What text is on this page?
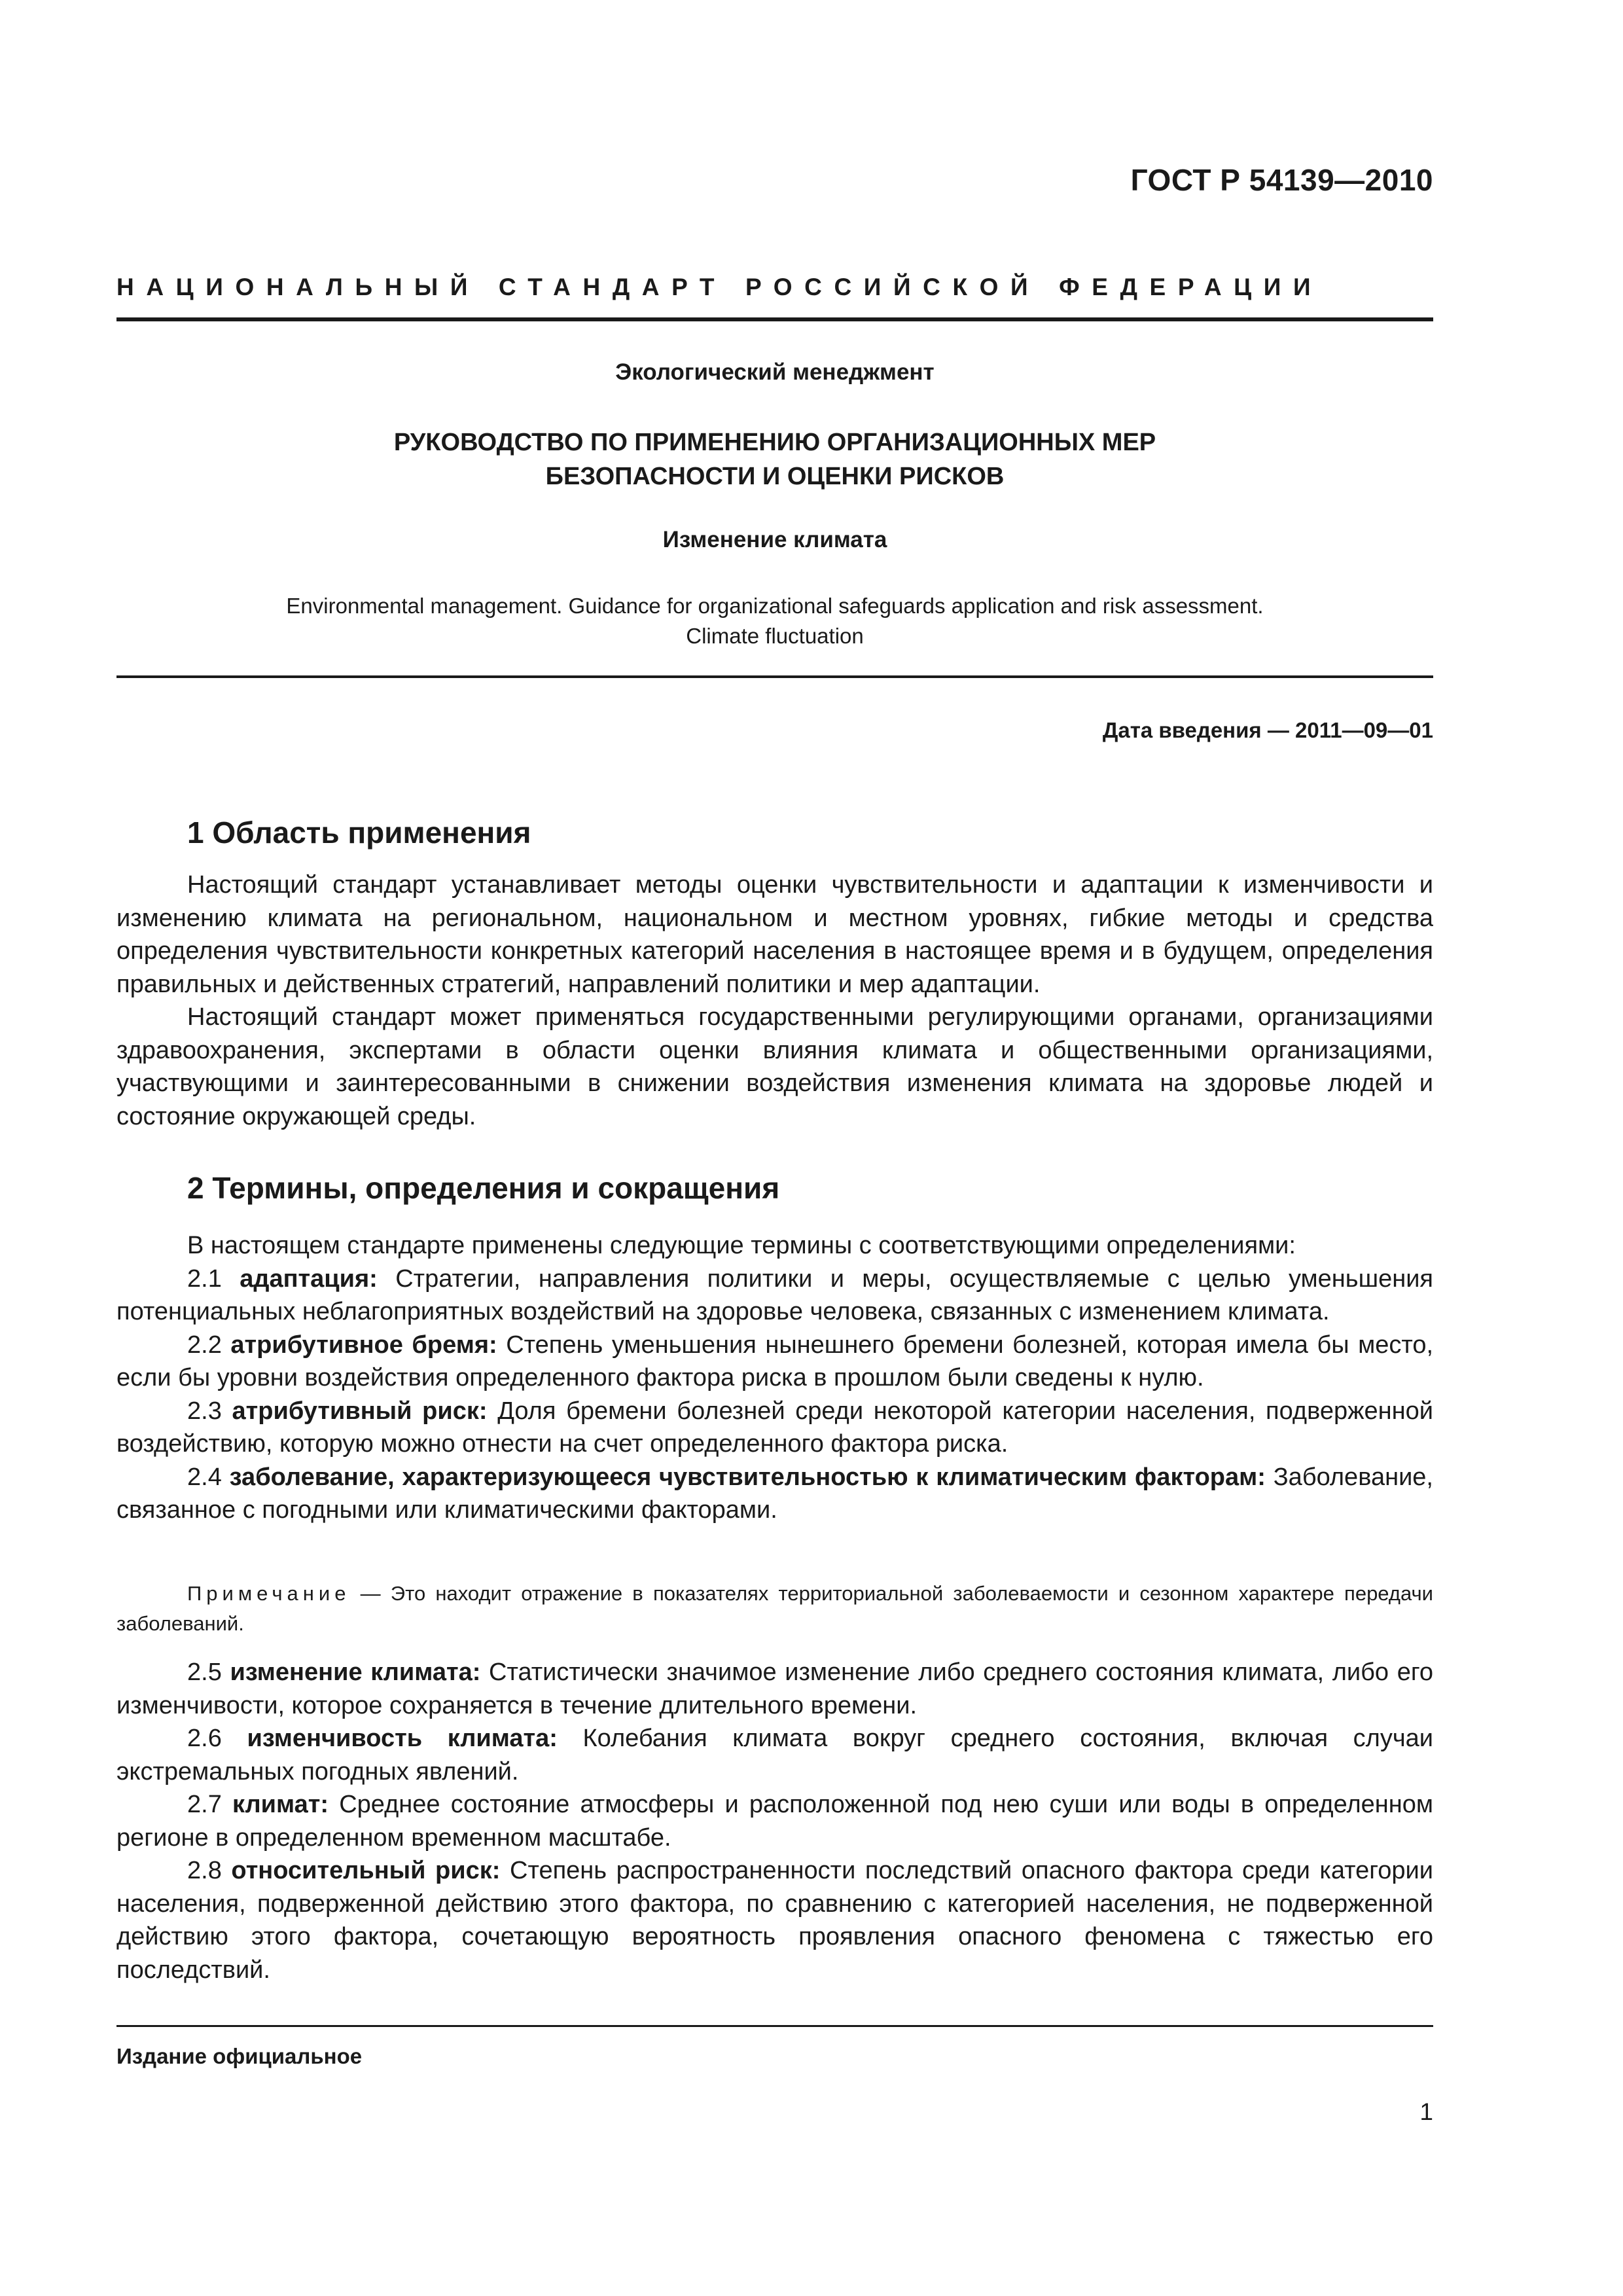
ГОСТ Р 54139—2010
НАЦИОНАЛЬНЫЙ СТАНДАРТ РОССИЙСКОЙ ФЕДЕРАЦИИ
Экологический менеджмент
РУКОВОДСТВО ПО ПРИМЕНЕНИЮ ОРГАНИЗАЦИОННЫХ МЕР
БЕЗОПАСНОСТИ И ОЦЕНКИ РИСКОВ
Изменение климата
Environmental management. Guidance for organizational safeguards application and risk assessment.
Climate fluctuation
Дата введения — 2011—09—01
1 Область применения

Настоящий стандарт устанавливает методы оценки чувствительности и адаптации к изменчивости и изменению климата на региональном, национальном и местном уровнях, гибкие методы и средства определения чувствительности конкретных категорий населения в настоящее время и в будущем, определения правильных и действенных стратегий, направлений политики и мер адаптации.

Настоящий стандарт может применяться государственными регулирующими органами, организациями здравоохранения, экспертами в области оценки влияния климата и общественными организациями, участвующими и заинтересованными в снижении воздействия изменения климата на здоровье людей и состояние окружающей среды.

2 Термины, определения и сокращения

В настоящем стандарте применены следующие термины с соответствующими определениями:

2.1 адаптация: Стратегии, направления политики и меры, осуществляемые с целью уменьшения потенциальных неблагоприятных воздействий на здоровье человека, связанных с изменением климата.

2.2 атрибутивное бремя: Степень уменьшения нынешнего бремени болезней, которая имела бы место, если бы уровни воздействия определенного фактора риска в прошлом были сведены к нулю.

2.3 атрибутивный риск: Доля бремени болезней среди некоторой категории населения, подверженной воздействию, которую можно отнести на счет определенного фактора риска.

2.4 заболевание, характеризующееся чувствительностью к климатическим факторам: Заболевание, связанное с погодными или климатическими факторами.

Примечание — Это находит отражение в показателях территориальной заболеваемости и сезонном характере передачи заболеваний.

2.5 изменение климата: Статистически значимое изменение либо среднего состояния климата, либо его изменчивости, которое сохраняется в течение длительного времени.

2.6 изменчивость климата: Колебания климата вокруг среднего состояния, включая случаи экстремальных погодных явлений.

2.7 климат: Среднее состояние атмосферы и расположенной под нею суши или воды в определенном регионе в определенном временном масштабе.

2.8 относительный риск: Степень распространенности последствий опасного фактора среди категории населения, подверженной действию этого фактора, по сравнению с категорией населения, не подверженной действию этого фактора, сочетающую вероятность проявления опасного феномена с тяжестью его последствий.

Издание официальное
1
